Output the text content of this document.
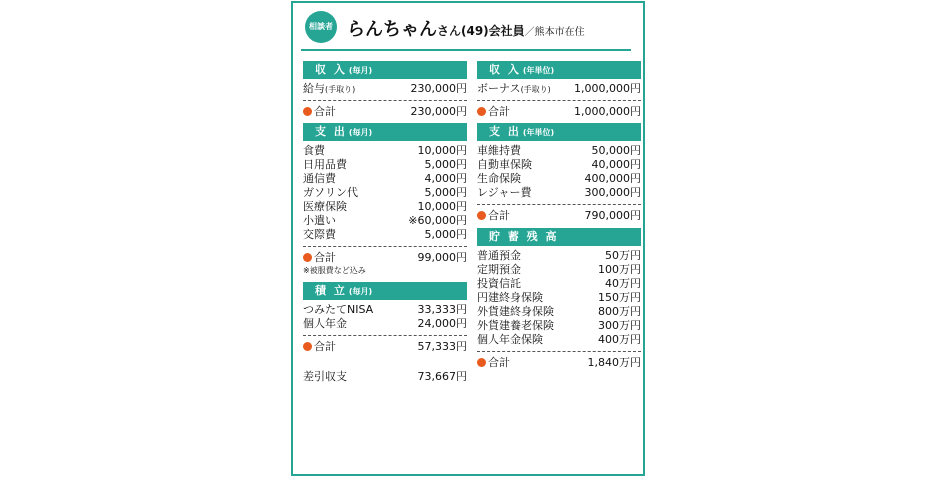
相談者 らんちゃんさん(49)会社員／熊本市在住
収 入 (毎月)
給与(手取り)	230,000円
合計	230,000円
支 出 (毎月)
食費	10,000円
日用品費	5,000円
通信費	4,000円
ガソリン代	5,000円
医療保険	10,000円
小遣い	※60,000円
交際費	5,000円
合計	99,000円
※被服費など込み
積 立 (毎月)
つみたてNISA	33,333円
個人年金	24,000円
合計	57,333円
差引収支	73,667円
収 入 (年単位)
ボーナス(手取り) 1,000,000円
合計	1,000,000円
支 出 (年単位)
車維持費	50,000円
自動車保険	40,000円
生命保険	400,000円
レジャー費	300,000円
合計	790,000円
貯 蓄 残 高
普通預金	50万円
定期預金	100万円
投資信託	40万円
円建終身保険	150万円
外貨建終身保険	800万円
外貨建養老保険	300万円
個人年金保険	400万円
合計	1,840万円
